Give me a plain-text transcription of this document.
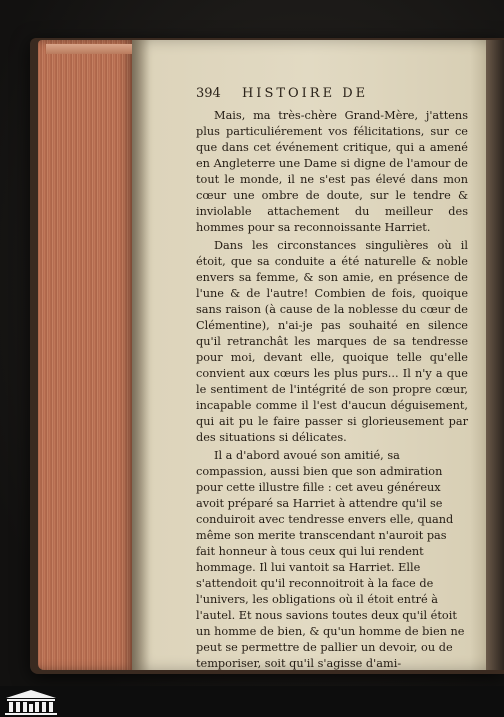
394 HISTOIRE DE

Mais, ma très-chère Grand-Mère, j'attens plus particuliérement vos félicitations, sur ce que dans cet événement critique, qui a amené en Angleterre une Dame si digne de l'amour de tout le monde, il ne s'est pas élevé dans mon cœur une ombre de doute, sur le tendre & inviolable attachement du meilleur des hommes pour sa reconnoissante Harriet.

Dans les circonstances singulières où il étoit, que sa conduite a été naturelle & noble envers sa femme, & son amie, en présence de l'une & de l'autre! Combien de fois, quoique sans raison (à cause de la noblesse du cœur de Clémentine), n'ai-je pas souhaité en silence qu'il retranchât les marques de sa tendresse pour moi, devant elle, quoique telle qu'elle convient aux cœurs les plus purs... Il n'y a que le sentiment de l'intégrité de son propre cœur, incapable comme il l'est d'aucun déguisement, qui ait pu le faire passer si glorieusement par des situations si délicates.

Il a d'abord avoué son amitié, sa compassion, aussi bien que son admiration pour cette illustre fille : cet aveu généreux avoit préparé sa Harriet à attendre qu'il se conduiroit avec tendresse envers elle, quand même son merite transcendant n'auroit pas fait honneur à tous ceux qui lui rendent hommage. Il lui vantoit sa Harriet. Elle s'attendoit qu'il reconnoitroit à la face de l'univers, les obligations où il étoit entré à l'autel. Et nous savions toutes deux qu'il étoit un homme de bien, & qu'un homme de bien ne peut se permettre de pallier un devoir, ou de temporiser, soit qu'il s'agisse d'ami-
